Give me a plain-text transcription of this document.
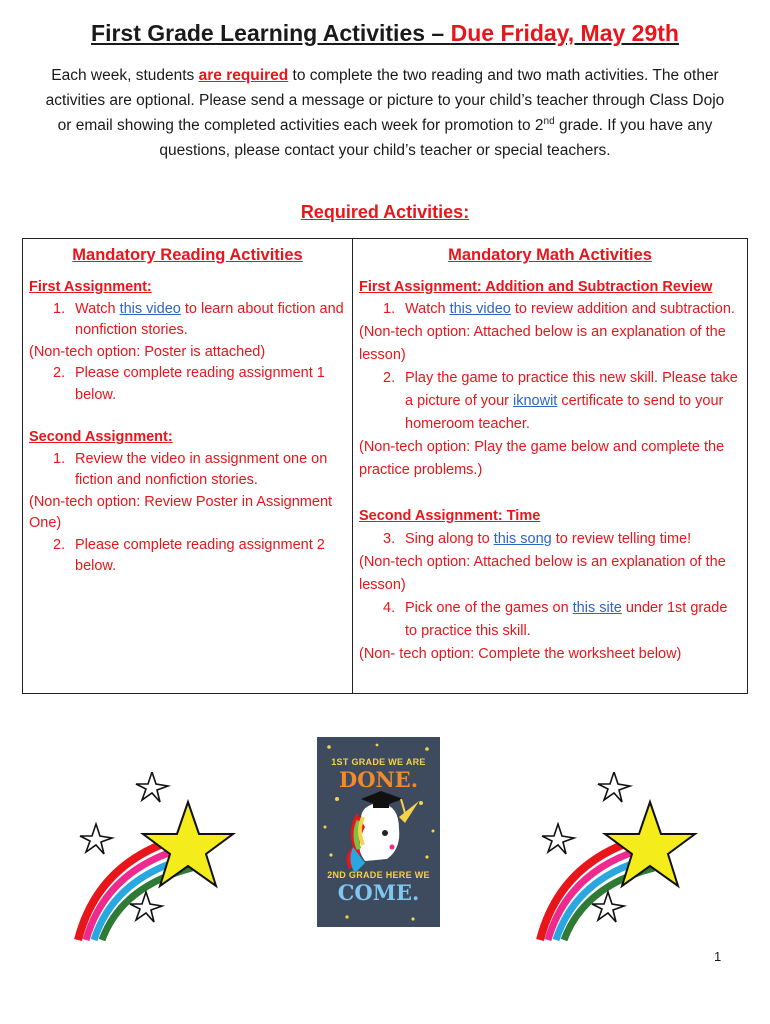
First Grade Learning Activities – Due Friday, May 29th
Each week, students are required to complete the two reading and two math activities. The other activities are optional. Please send a message or picture to your child’s teacher through Class Dojo or email showing the completed activities each week for promotion to 2nd grade. If you have any questions, please contact your child’s teacher or special teachers.
Required Activities:
Mandatory Reading Activities
First Assignment:
1. Watch this video to learn about fiction and nonfiction stories.
(Non-tech option: Poster is attached)
2. Please complete reading assignment 1 below.
Second Assignment:
1. Review the video in assignment one on fiction and nonfiction stories.
(Non-tech option: Review Poster in Assignment One)
2. Please complete reading assignment 2 below.
Mandatory Math Activities
First Assignment: Addition and Subtraction Review
1. Watch this video to review addition and subtraction.
(Non-tech option: Attached below is an explanation of the lesson)
2. Play the game to practice this new skill. Please take a picture of your iknowit certificate to send to your homeroom teacher.
(Non-tech option: Play the game below and complete the practice problems.)
Second Assignment: Time
3. Sing along to this song to review telling time!
(Non-tech option: Attached below is an explanation of the lesson)
4. Pick one of the games on this site under 1st grade to practice this skill.
(Non- tech option: Complete the worksheet below)
1ST GRADE WE ARE
DONE.
2ND GRADE HERE WE
COME.
1
